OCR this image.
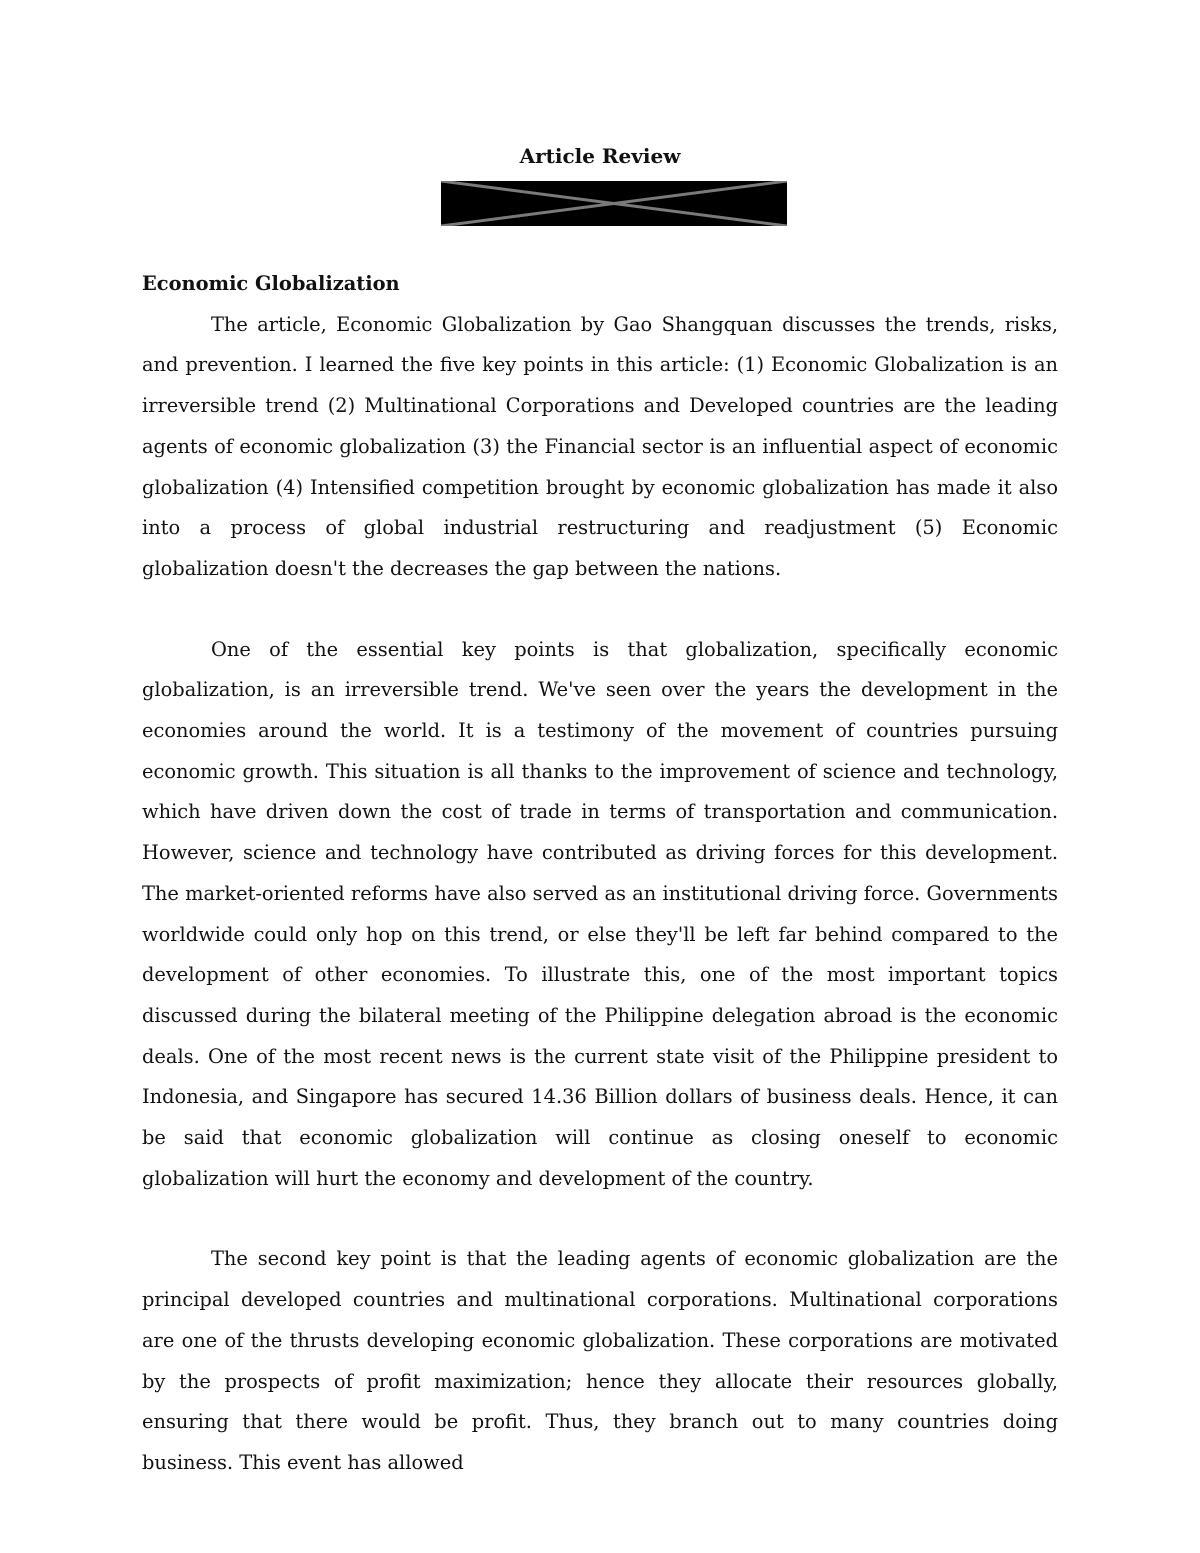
Article Review

Economic Globalization

The article, Economic Globalization by Gao Shangquan discusses the trends, risks, and prevention. I learned the five key points in this article: (1) Economic Globalization is an irreversible trend (2) Multinational Corporations and Developed countries are the leading agents of economic globalization (3) the Financial sector is an influential aspect of economic globalization (4) Intensified competition brought by economic globalization has made it also into a process of global industrial restructuring and readjustment (5) Economic globalization doesn't the decreases the gap between the nations.

One of the essential key points is that globalization, specifically economic globalization, is an irreversible trend. We've seen over the years the development in the economies around the world. It is a testimony of the movement of countries pursuing economic growth. This situation is all thanks to the improvement of science and technology, which have driven down the cost of trade in terms of transportation and communication. However, science and technology have contributed as driving forces for this development. The market-oriented reforms have also served as an institutional driving force. Governments worldwide could only hop on this trend, or else they'll be left far behind compared to the development of other economies. To illustrate this, one of the most important topics discussed during the bilateral meeting of the Philippine delegation abroad is the economic deals. One of the most recent news is the current state visit of the Philippine president to Indonesia, and Singapore has secured 14.36 Billion dollars of business deals. Hence, it can be said that economic globalization will continue as closing oneself to economic globalization will hurt the economy and development of the country.

The second key point is that the leading agents of economic globalization are the principal developed countries and multinational corporations. Multinational corporations are one of the thrusts developing economic globalization. These corporations are motivated by the prospects of profit maximization; hence they allocate their resources globally, ensuring that there would be profit. Thus, they branch out to many countries doing business. This event has allowed
